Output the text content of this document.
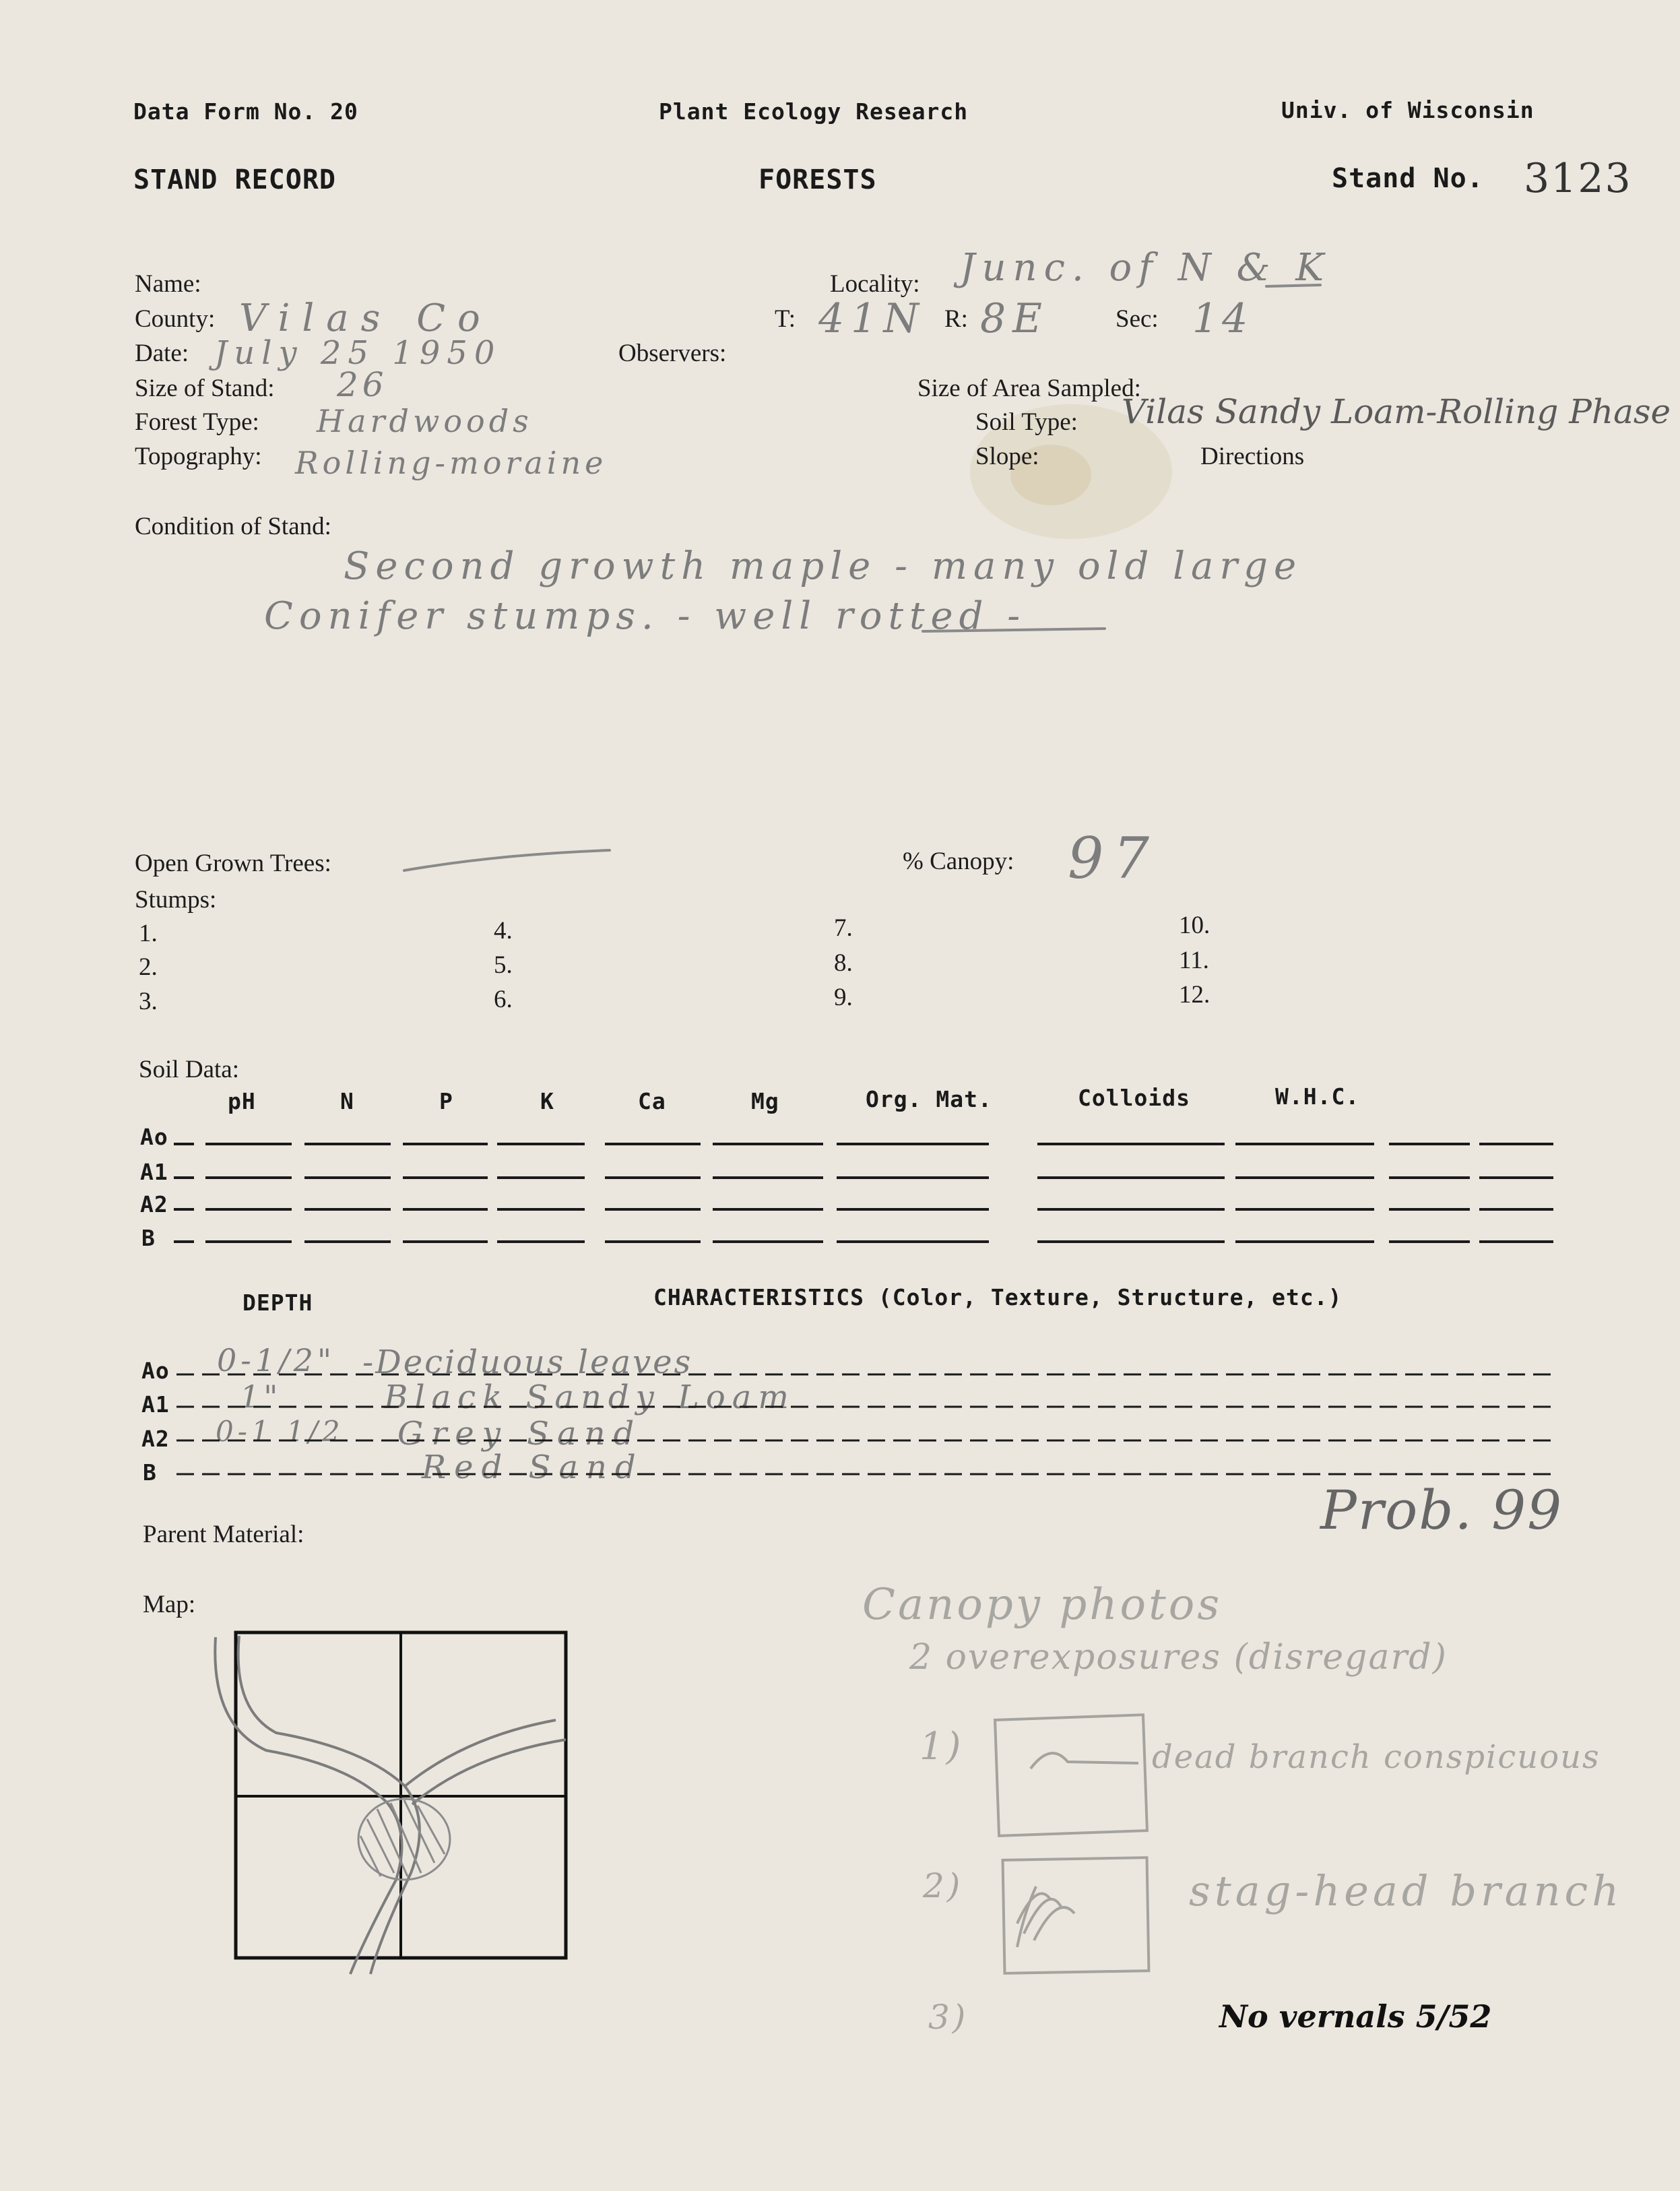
Data Form No. 20	Plant Ecology Research	Univ. of Wisconsin
STAND RECORD	FORESTS	Stand No. 3123
Name:
County: Vilas Co
Date: July 25 1950
Size of Stand: 26
Forest Type: Hardwoods
Topography: Rolling-moraine
Locality: Junc. of N & K
T: 41N R: 8E	Sec: 14
Observers:
Size of Area Sampled:
Soil Type: Vilas Sandy Loam-Rolling Phase
Slope:	Directions
Condition of Stand:
Second growth maple - many old large
Conifer stumps. - well rotted -
Open Grown Trees:	% Canopy: 97
Stumps:
1.
2.
3.
4.
5.
6.
7.
8.
9.
10.
11.
12.
Soil Data:
pH	N	P	K	Ca	Mg	Org. Mat.	Colloids	W.H.C.
Ao
A1
A2
B
DEPTH	CHARACTERISTICS (Color, Texture, Structure, etc.)
Ao 0-1/2" -Deciduous leaves
A1 1"	Black Sandy Loam
A2 0-1 1/2 Grey Sand
B	Red Sand
Parent Material:
Map:
Prob. 99
Canopy photos
2 overexposures (disregard)
1)	dead branch conspicuous
2)	stag-head branch
3)	No vernals 5/52
